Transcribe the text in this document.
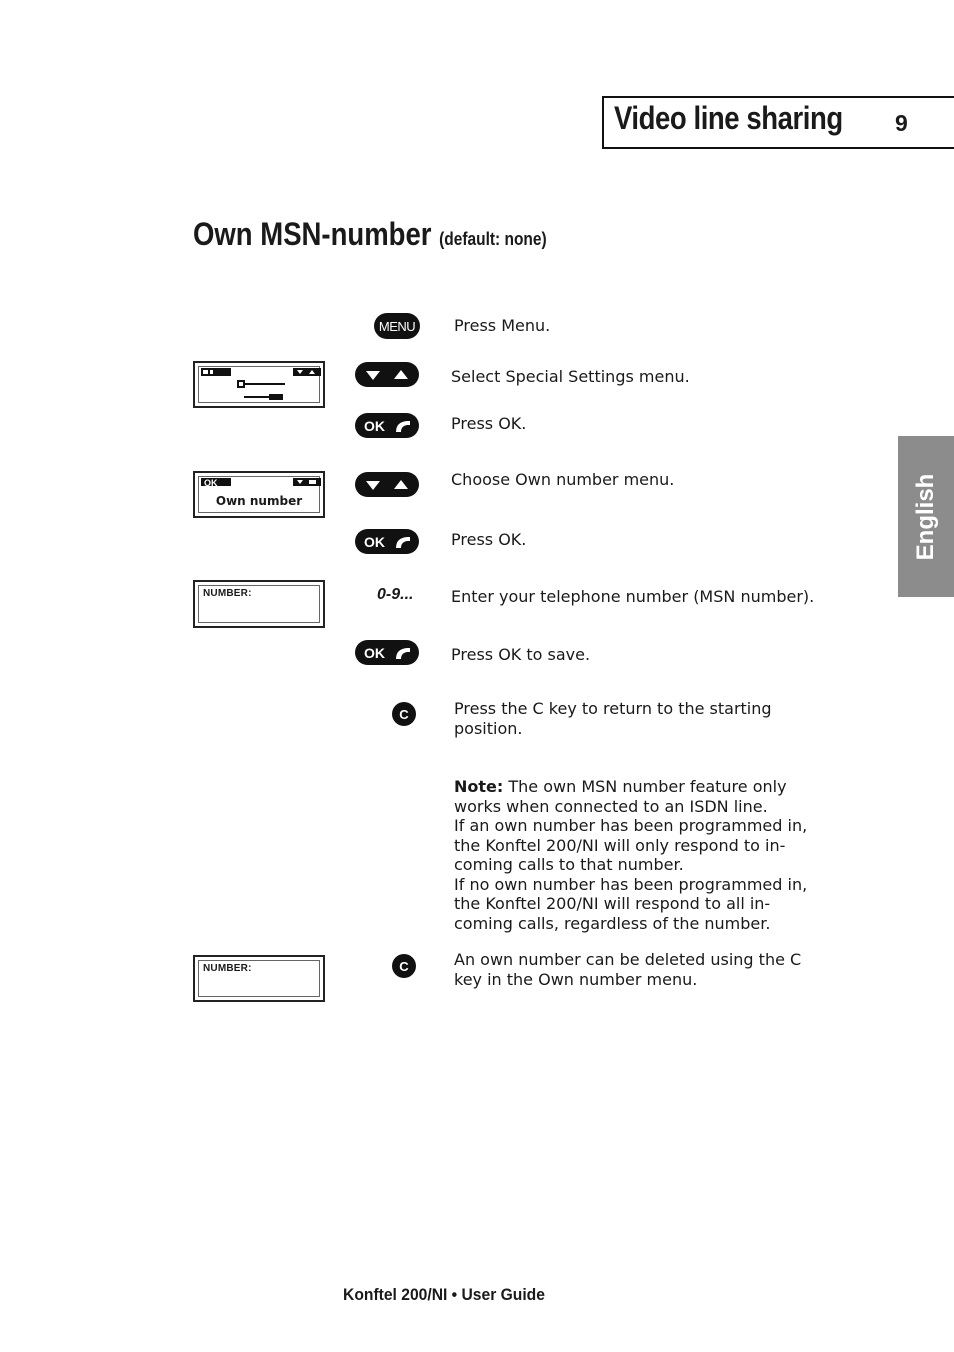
Video line sharing 9
English
Own MSN-number (default: none)
MENU Press Menu.
Select Special Settings menu.
OK	Press OK.
OK
Own number
Choose Own number menu.
OK	Press OK.
NUMBER:	0-9... Enter your telephone number (MSN number).
OK	Press OK to save.
C	Press the C key to return to the starting
position.
Note: The own MSN number feature only
works when connected to an ISDN line.
If an own number has been programmed in,
the Konftel 200/NI will only respond to in-
coming calls to that number.
If no own number has been programmed in,
the Konftel 200/NI will respond to all in-
coming calls, regardless of the number.
NUMBER:	C	An own number can be deleted using the C
key in the Own number menu.
Konftel 200/NI • User Guide
